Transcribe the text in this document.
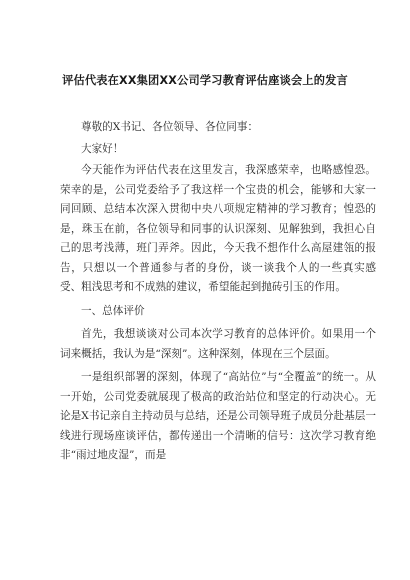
评估代表在XX集团XX公司学习教育评估座谈会上的发言

尊敬的X书记、各位领导、各位同事：

大家好！

今天能作为评估代表在这里发言，我深感荣幸，也略感惶恐。荣幸的是，公司党委给予了我这样一个宝贵的机会，能够和大家一同回顾、总结本次深入贯彻中央八项规定精神的学习教育；惶恐的是，珠玉在前，各位领导和同事的认识深刻、见解独到，我担心自己的思考浅薄，班门弄斧。因此，今天我不想作什么高屋建瓴的报告，只想以一个普通参与者的身份，谈一谈我个人的一些真实感受、粗浅思考和不成熟的建议，希望能起到抛砖引玉的作用。

一、总体评价

首先，我想谈谈对公司本次学习教育的总体评价。如果用一个词来概括，我认为是“深刻”。这种深刻，体现在三个层面。

一是组织部署的深刻，体现了“高站位”与“全覆盖”的统一。从一开始，公司党委就展现了极高的政治站位和坚定的行动决心。无论是X书记亲自主持动员与总结，还是公司领导班子成员分赴基层一线进行现场座谈评估，都传递出一个清晰的信号：这次学习教育绝非“雨过地皮湿”，而是
